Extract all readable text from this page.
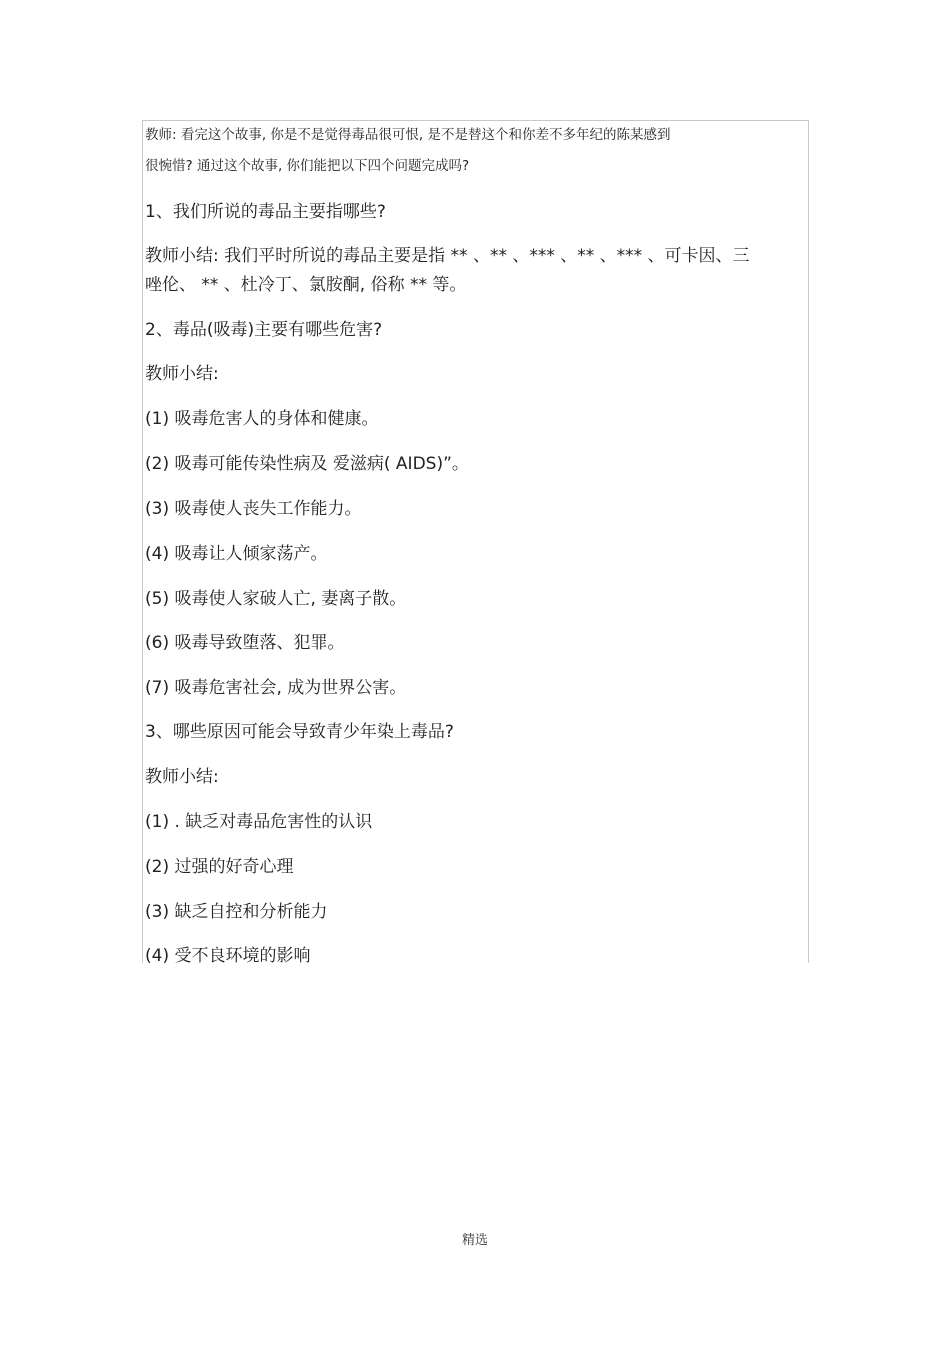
教师: 看完这个故事, 你是不是觉得毒品很可恨, 是不是替这个和你差不多年纪的陈某感到
很惋惜? 通过这个故事, 你们能把以下四个问题完成吗?
1、我们所说的毒品主要指哪些?
教师小结: 我们平时所说的毒品主要是指 ** 、** 、*** 、** 、*** 、可卡因、三
唑伦、 ** 、杜冷丁、氯胺酮, 俗称 ** 等。
2、毒品(吸毒)主要有哪些危害?
教师小结:
(1) 吸毒危害人的身体和健康。
(2) 吸毒可能传染性病及 爱滋病( AIDS)”。
(3) 吸毒使人丧失工作能力。
(4) 吸毒让人倾家荡产。
(5) 吸毒使人家破人亡, 妻离子散。
(6) 吸毒导致堕落、犯罪。
(7) 吸毒危害社会, 成为世界公害。
3、哪些原因可能会导致青少年染上毒品?
教师小结:
(1) . 缺乏对毒品危害性的认识
(2) 过强的好奇心理
(3) 缺乏自控和分析能力
(4) 受不良环境的影响
精选
